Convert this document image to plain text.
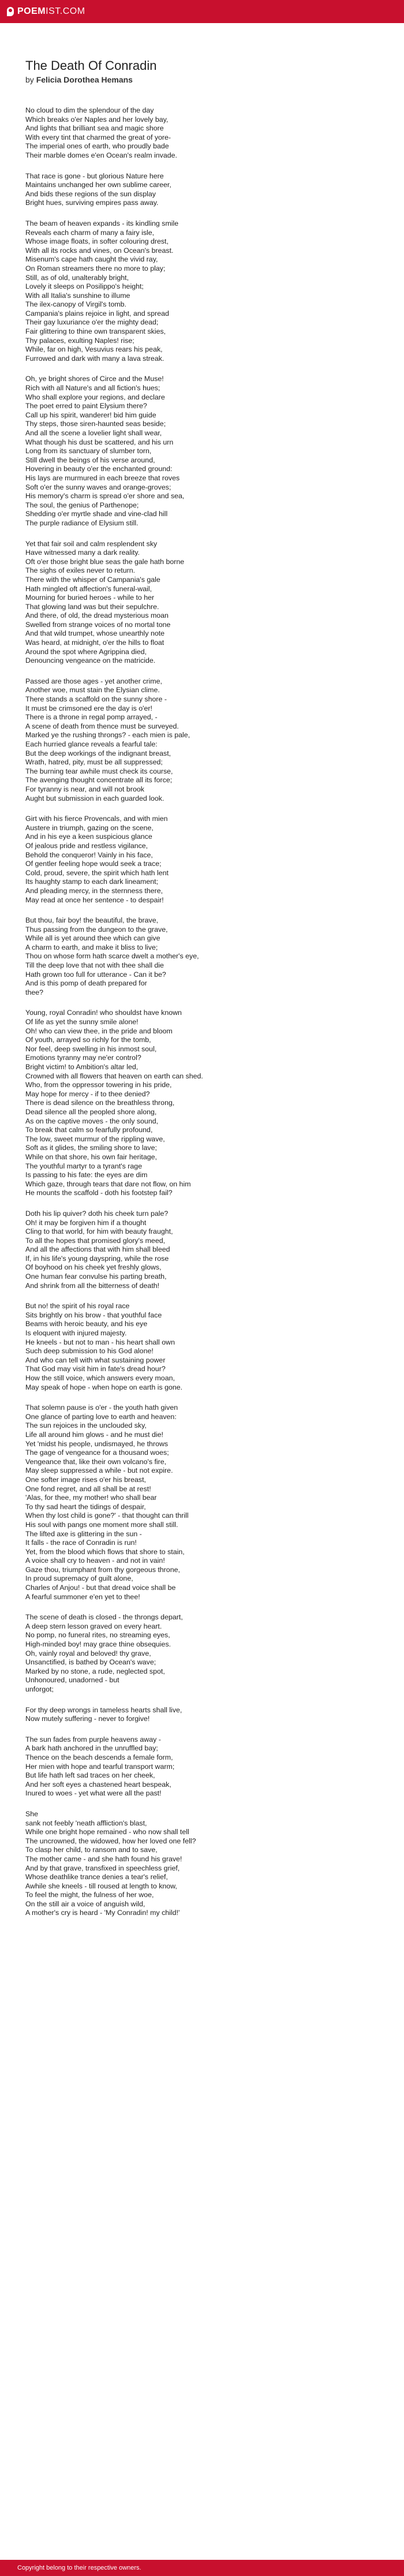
POEM IST.COM
The Death Of Conradin
by Felicia Dorothea Hemans
No cloud to dim the splendour of the day
Which breaks o'er Naples and her lovely bay,
And lights that brilliant sea and magic shore
With every tint that charmed the great of yore-
The imperial ones of earth, who proudly bade
Their marble domes e'en Ocean's realm invade.
That race is gone - but glorious Nature here
Maintains unchanged her own sublime career,
And bids these regions of the sun display
Bright hues, surviving empires pass away.
The beam of heaven expands - its kindling smile
Reveals each charm of many a fairy isle,
Whose image floats, in softer colouring drest,
With all its rocks and vines, on Ocean's breast.
Misenum's cape hath caught the vivid ray,
On Roman streamers there no more to play;
Still, as of old, unalterably bright,
Lovely it sleeps on Posilippo's height;
With all Italia's sunshine to illume
The ilex-canopy of Virgil's tomb.
Campania's plains rejoice in light, and spread
Their gay luxuriance o'er the mighty dead;
Fair glittering to thine own transparent skies,
Thy palaces, exulting Naples! rise;
While, far on high, Vesuvius rears his peak,
Furrowed and dark with many a lava streak.
Oh, ye bright shores of Circe and the Muse!
Rich with all Nature's and all fiction's hues;
Who shall explore your regions, and declare
The poet erred to paint Elysium there?
Call up his spirit, wanderer! bid him guide
Thy steps, those siren-haunted seas beside;
And all the scene a lovelier light shall wear,
What though his dust be scattered, and his urn
Long from its sanctuary of slumber torn,
Still dwell the beings of his verse around,
Hovering in beauty o'er the enchanted ground:
His lays are murmured in each breeze that roves
Soft o'er the sunny waves and orange-groves;
His memory's charm is spread o'er shore and sea,
The soul, the genius of Parthenope;
Shedding o'er myrtle shade and vine-clad hill
The purple radiance of Elysium still.
Yet that fair soil and calm resplendent sky
Have witnessed many a dark reality.
Oft o'er those bright blue seas the gale hath borne
The sighs of exiles never to return.
There with the whisper of Campania's gale
Hath mingled oft affection's funeral-wail,
Mourning for buried heroes - while to her
That glowing land was but their sepulchre.
And there, of old, the dread mysterious moan
Swelled from strange voices of no mortal tone
And that wild trumpet, whose unearthly note
Was heard, at midnight, o'er the hills to float
Around the spot where Agrippina died,
Denouncing vengeance on the matricide.
Passed are those ages - yet another crime,
Another woe, must stain the Elysian clime.
There stands a scaffold on the sunny shore -
It must be crimsoned ere the day is o'er!
There is a throne in regal pomp arrayed, -
A scene of death from thence must be surveyed.
Marked ye the rushing throngs? - each mien is pale,
Each hurried glance reveals a fearful tale:
But the deep workings of the indignant breast,
Wrath, hatred, pity, must be all suppressed;
The burning tear awhile must check its course,
The avenging thought concentrate all its force;
For tyranny is near, and will not brook
Aught but submission in each guarded look.
Girt with his fierce Provencals, and with mien
Austere in triumph, gazing on the scene,
And in his eye a keen suspicious glance
Of jealous pride and restless vigilance,
Behold the conqueror! Vainly in his face,
Of gentler feeling hope would seek a trace;
Cold, proud, severe, the spirit which hath lent
Its haughty stamp to each dark lineament;
And pleading mercy, in the sternness there,
May read at once her sentence - to despair!
But thou, fair boy! the beautiful, the brave,
Thus passing from the dungeon to the grave,
While all is yet around thee which can give
A charm to earth, and make it bliss to live;
Thou on whose form hath scarce dwelt a mother's eye,
Till the deep love that not with thee shall die
Hath grown too full for utterance - Can it be?
And is this pomp of death prepared for
thee?
Young, royal Conradin! who shouldst have known
Of life as yet the sunny smile alone!
Oh! who can view thee, in the pride and bloom
Of youth, arrayed so richly for the tomb,
Nor feel, deep swelling in his inmost soul,
Emotions tyranny may ne'er control?
Bright victim! to Ambition's altar led,
Crowned with all flowers that heaven on earth can shed.
Who, from the oppressor towering in his pride,
May hope for mercy - if to thee denied?
There is dead silence on the breathless throng,
Dead silence all the peopled shore along,
As on the captive moves - the only sound,
To break that calm so fearfully profound,
The low, sweet murmur of the rippling wave,
Soft as it glides, the smiling shore to lave;
While on that shore, his own fair heritage,
The youthful martyr to a tyrant's rage
Is passing to his fate: the eyes are dim
Which gaze, through tears that dare not flow, on him
He mounts the scaffold - doth his footstep fail?
Doth his lip quiver? doth his cheek turn pale?
Oh! it may be forgiven him if a thought
Cling to that world, for him with beauty fraught,
To all the hopes that promised glory's meed,
And all the affections that with him shall bleed
If, in his life's young dayspring, while the rose
Of boyhood on his cheek yet freshly glows,
One human fear convulse his parting breath,
And shrink from all the bitterness of death!
But no! the spirit of his royal race
Sits brightly on his brow - that youthful face
Beams with heroic beauty, and his eye
Is eloquent with injured majesty.
He kneels - but not to man - his heart shall own
Such deep submission to his God alone!
And who can tell with what sustaining power
That God may visit him in fate's dread hour?
How the still voice, which answers every moan,
May speak of hope - when hope on earth is gone.
That solemn pause is o'er - the youth hath given
One glance of parting love to earth and heaven:
The sun rejoices in the unclouded sky,
Life all around him glows - and he must die!
Yet 'midst his people, undismayed, he throws
The gage of vengeance for a thousand woes;
Vengeance that, like their own volcano's fire,
May sleep suppressed a while - but not expire.
One softer image rises o'er his breast,
One fond regret, and all shall be at rest!
'Alas, for thee, my mother! who shall bear
To thy sad heart the tidings of despair,
When thy lost child is gone?' - that thought can thrill
His soul with pangs one moment more shall still.
The lifted axe is glittering in the sun -
It falls - the race of Conradin is run!
Yet, from the blood which flows that shore to stain,
A voice shall cry to heaven - and not in vain!
Gaze thou, triumphant from thy gorgeous throne,
In proud supremacy of guilt alone,
Charles of Anjou! - but that dread voice shall be
A fearful summoner e'en yet to thee!
The scene of death is closed - the throngs depart,
A deep stern lesson graved on every heart.
No pomp, no funeral rites, no streaming eyes,
High-minded boy! may grace thine obsequies.
Oh, vainly royal and beloved! thy grave,
Unsanctified, is bathed by Ocean's wave;
Marked by no stone, a rude, neglected spot,
Unhonoured, unadorned - but
unforgot;
For thy deep wrongs in tameless hearts shall live,
Now mutely suffering - never to forgive!
The sun fades from purple heavens away -
A bark hath anchored in the unruffled bay;
Thence on the beach descends a female form,
Her mien with hope and tearful transport warm;
But life hath left sad traces on her cheek,
And her soft eyes a chastened heart bespeak,
Inured to woes - yet what were all the past!
She
sank not feebly 'neath affliction's blast,
While one bright hope remained - who now shall tell
The uncrowned, the widowed, how her loved one fell?
To clasp her child, to ransom and to save,
The mother came - and she hath found his grave!
And by that grave, transfixed in speechless grief,
Whose deathlike trance denies a tear's relief,
Awhile she kneels - till roused at length to know,
To feel the might, the fulness of her woe,
On the still air a voice of anguish wild,
A mother's cry is heard - 'My Conradin! my child!'
Copyright belong to their respective owners.
